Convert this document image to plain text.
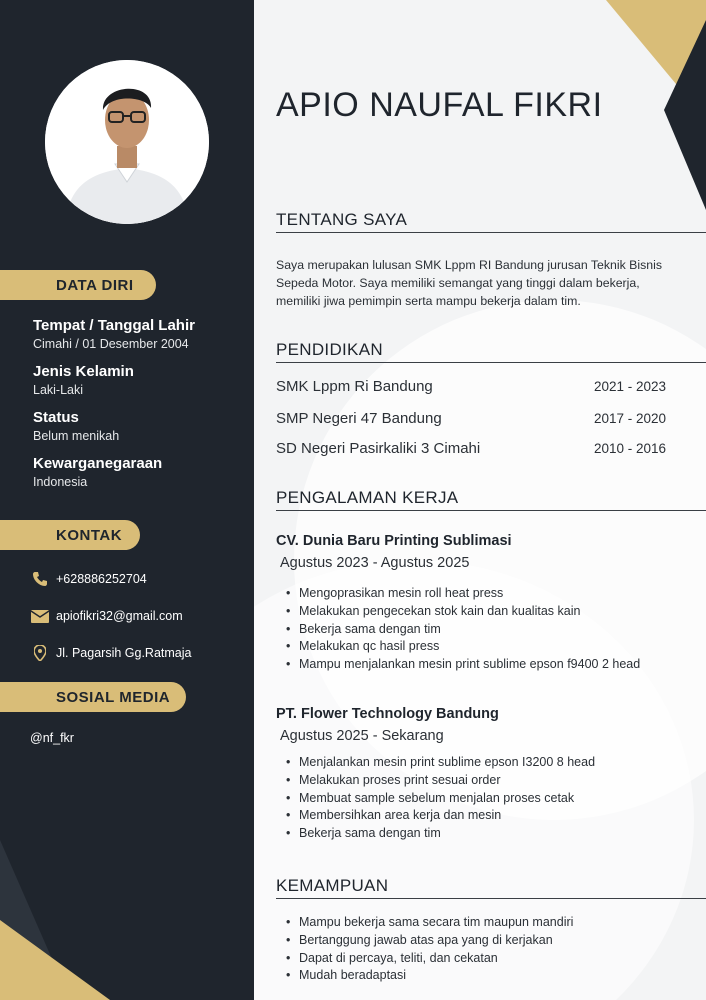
DATA DIRI
Tempat / Tanggal Lahir
Cimahi / 01 Desember 2004
Jenis Kelamin
Laki-Laki
Status
Belum menikah
Kewarganegaraan
Indonesia
KONTAK
+628886252704
apiofikri32@gmail.com
Jl. Pagarsih Gg.Ratmaja
SOSIAL MEDIA
@nf_fkr
APIO NAUFAL FIKRI
TENTANG SAYA
Saya merupakan lulusan SMK Lppm RI Bandung jurusan Teknik Bisnis Sepeda Motor. Saya memiliki semangat yang tinggi dalam bekerja, memiliki jiwa pemimpin serta mampu bekerja dalam tim.
PENDIDIKAN
SMK Lppm Ri Bandung	2021 - 2023
SMP Negeri 47 Bandung	2017 - 2020
SD Negeri Pasirkaliki 3 Cimahi	2010 - 2016
PENGALAMAN KERJA
CV. Dunia Baru Printing Sublimasi
Agustus 2023 - Agustus 2025
• Mengoprasikan mesin roll heat press
• Melakukan pengecekan stok kain dan kualitas kain
• Bekerja sama dengan tim
• Melakukan qc hasil press
• Mampu menjalankan mesin print sublime epson f9400 2 head
PT. Flower Technology Bandung
Agustus 2025 - Sekarang
• Menjalankan mesin print sublime epson I3200 8 head
• Melakukan proses print sesuai order
• Membuat sample sebelum menjalan proses cetak
• Membersihkan area kerja dan mesin
• Bekerja sama dengan tim
KEMAMPUAN
• Mampu bekerja sama secara tim maupun mandiri
• Bertanggung jawab atas apa yang di kerjakan
• Dapat di percaya, teliti, dan cekatan
• Mudah beradaptasi
